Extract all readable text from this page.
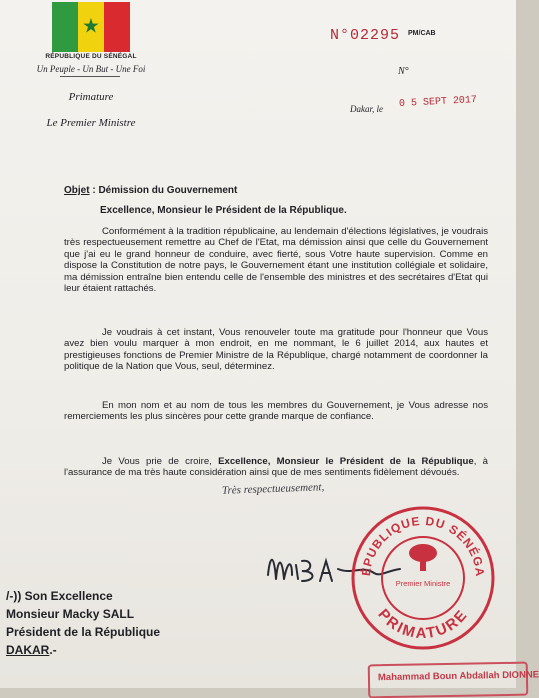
★
RÉPUBLIQUE DU SÉNÉGAL
Un Peuple - Un But - Une Foi
Primature
Le Premier Ministre
N°02295 PM/CAB
N°
Dakar, le 0 5 SEPT 2017
Objet : Démission du Gouvernement
Excellence, Monsieur le Président de la République.

Conformément à la tradition républicaine, au lendemain d'élections législatives, je voudrais très respectueusement remettre au Chef de l'Etat, ma démission ainsi que celle du Gouvernement que j'ai eu le grand honneur de conduire, avec fierté, sous Votre haute supervision. Comme en dispose la Constitution de notre pays, le Gouvernement étant une institution collégiale et solidaire, ma démission entraîne bien entendu celle de l'ensemble des ministres et des secrétaires d'Etat qui leur étaient rattachés.

Je voudrais à cet instant, Vous renouveler toute ma gratitude pour l'honneur que Vous avez bien voulu marquer à mon endroit, en me nommant, le 6 juillet 2014, aux hautes et prestigieuses fonctions de Premier Ministre de la République, chargé notamment de coordonner la politique de la Nation que Vous, seul, déterminez.

En mon nom et au nom de tous les membres du Gouvernement, je Vous adresse nos remerciements les plus sincères pour cette grande marque de confiance.

Je Vous prie de croire, Excellence, Monsieur le Président de la République, à l'assurance de ma très haute considération ainsi que de mes sentiments fidèlement dévoués.

Très respectueusement,
ÉPUBLIQUE DU SÉNÉGA
PRIMATURE
Premier Ministre
/-)) Son Excellence
Monsieur Macky SALL
Président de la République
DAKAR.-
Mahammad Boun Abdallah DIONNE
